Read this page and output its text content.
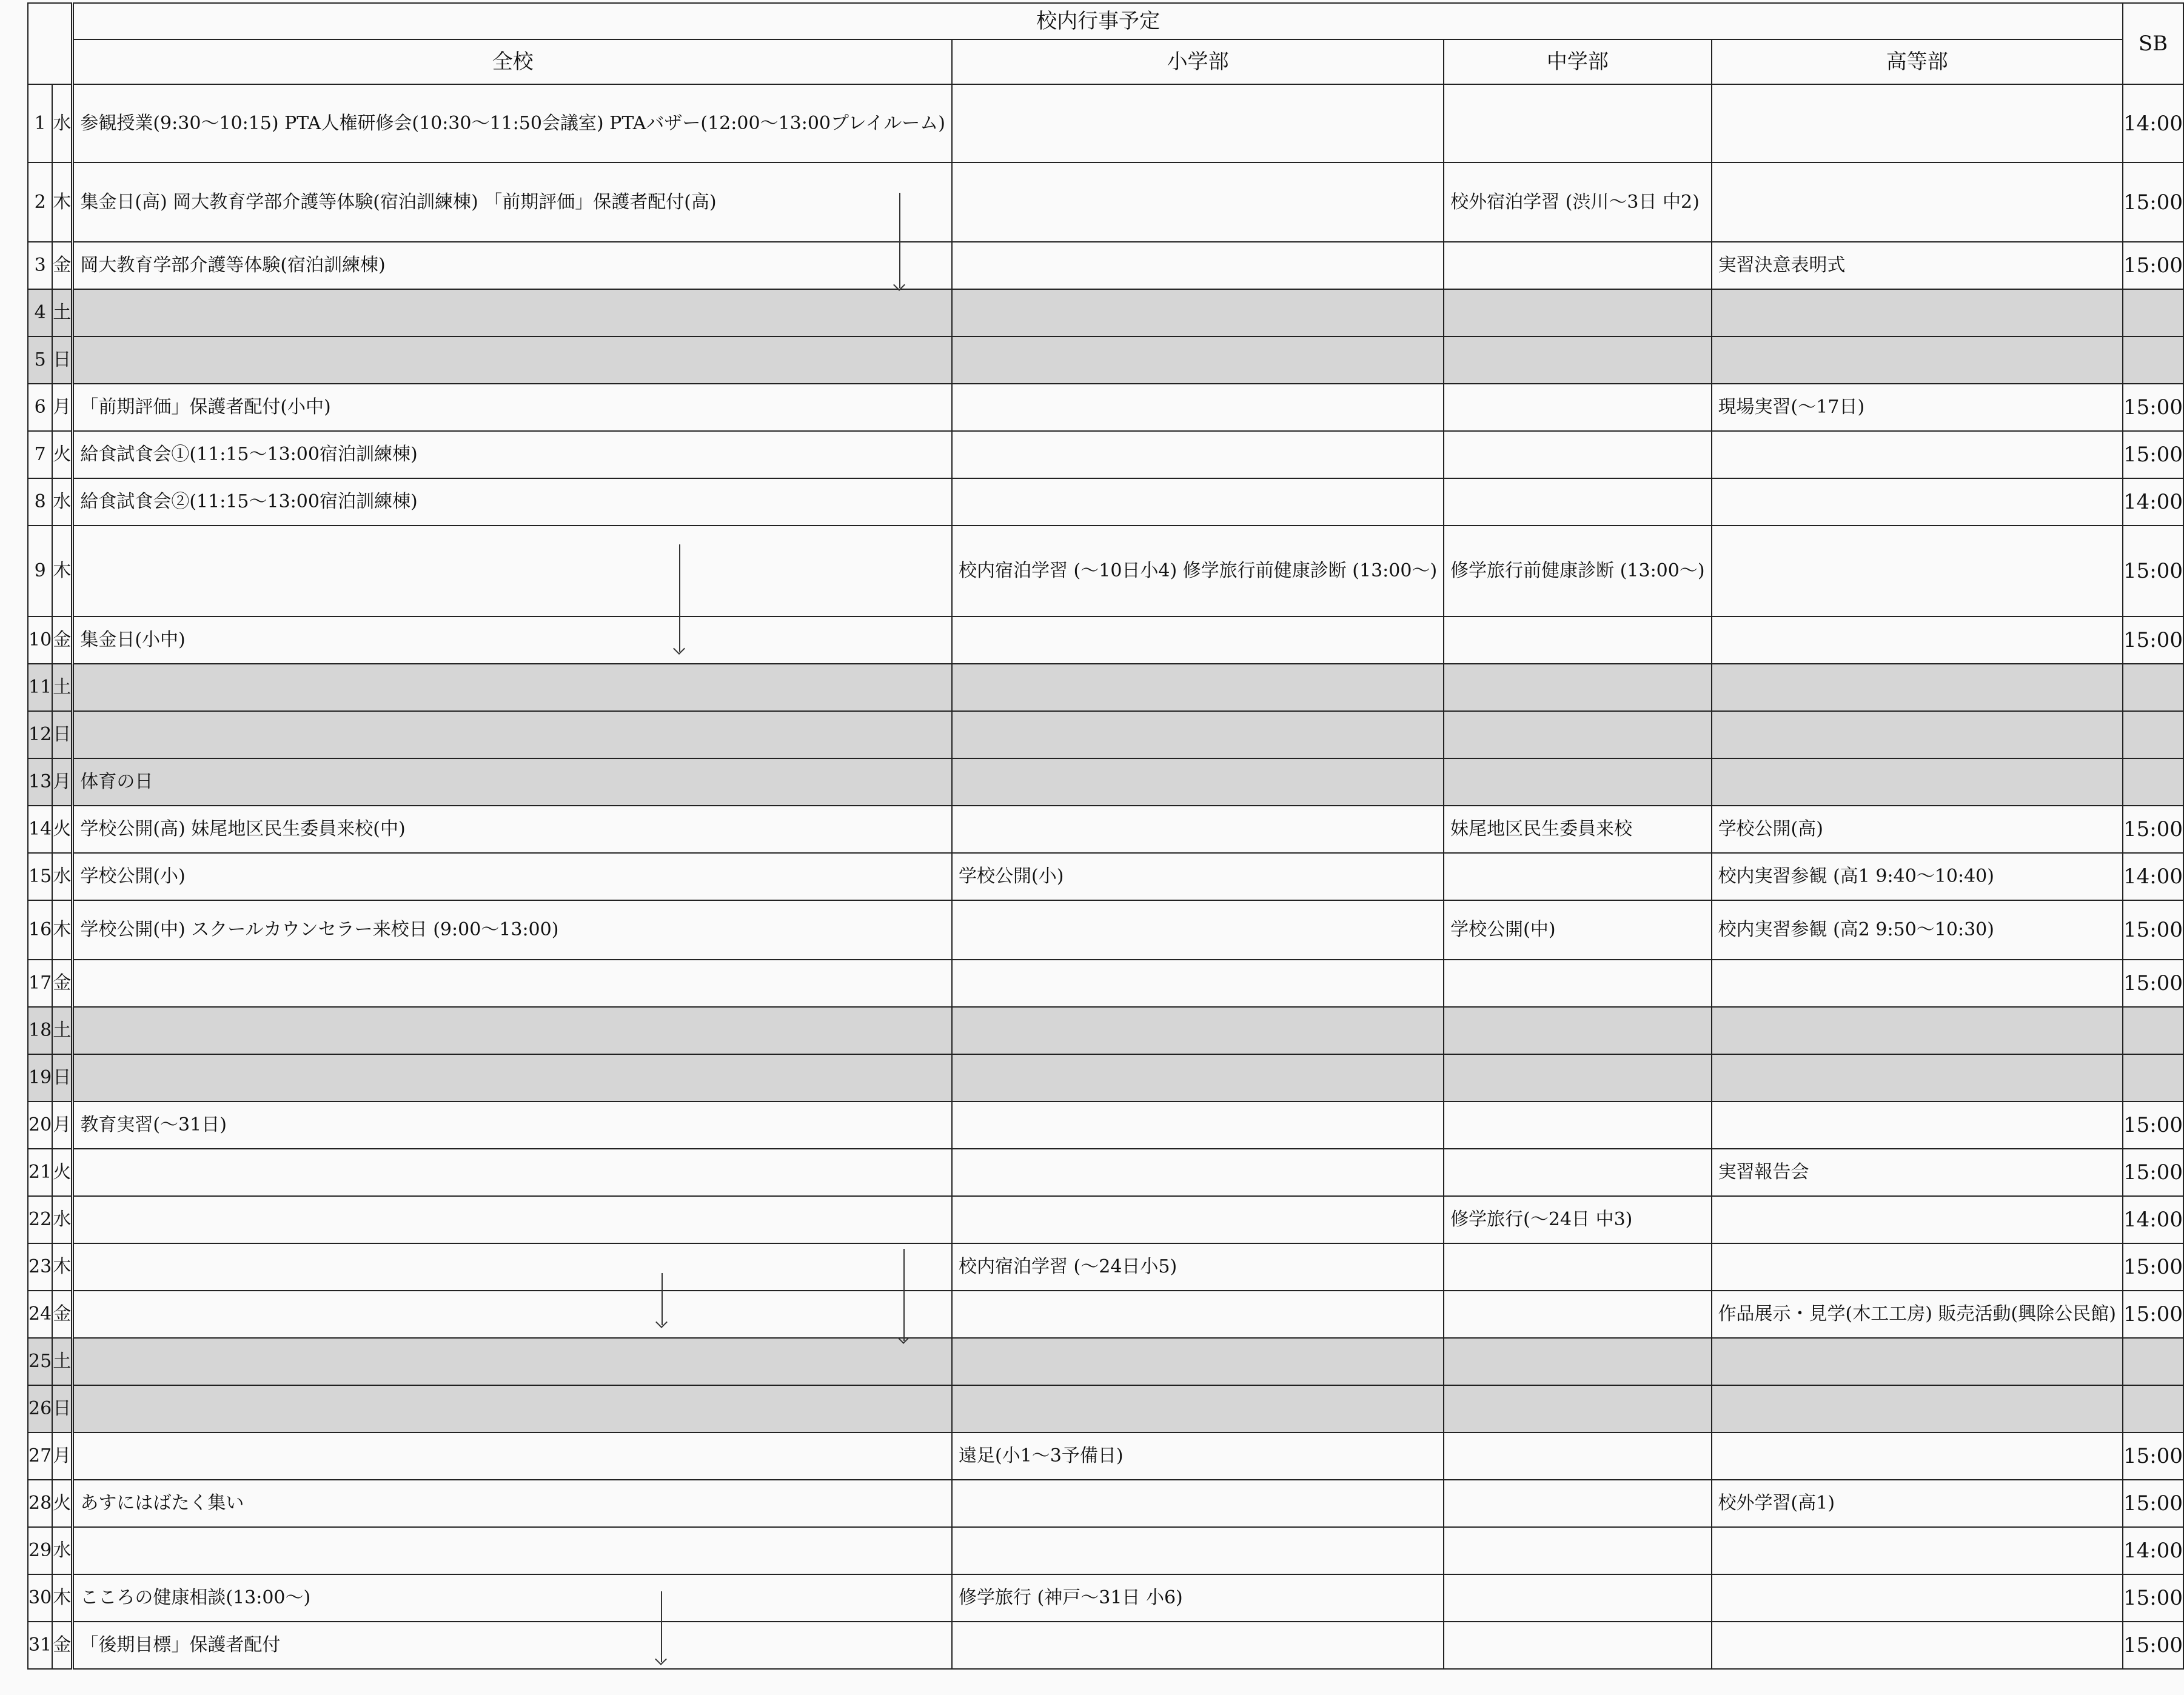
		校内行事予定				SB
		全校	小学部	中学部	高等部	
1	水	参観授業(9:30〜10:15) PTA人権研修会(10:30〜11:50会議室) PTAバザー(12:00〜13:00プレイルーム)				14:00
2	木	集金日(高) 岡大教育学部介護等体験(宿泊訓練棟) 「前期評価」保護者配付(高)		校外宿泊学習 (渋川〜3日 中2)		15:00
3	金	岡大教育学部介護等体験(宿泊訓練棟)			実習決意表明式	15:00
4	土					
5	日					
6	月	「前期評価」保護者配付(小中)			現場実習(〜17日)	15:00
7	火	給食試食会①(11:15〜13:00宿泊訓練棟)				15:00
8	水	給食試食会②(11:15〜13:00宿泊訓練棟)				14:00
9	木		校内宿泊学習 (〜10日小4) 修学旅行前健康診断 (13:00〜)	修学旅行前健康診断 (13:00〜)		15:00
10	金	集金日(小中)				15:00
11	土					
12	日					
13	月	体育の日				
14	火	学校公開(高) 妹尾地区民生委員来校(中)		妹尾地区民生委員来校	学校公開(高)	15:00
15	水	学校公開(小)	学校公開(小)		校内実習参観 (高1 9:40〜10:40)	14:00
16	木	学校公開(中) スクールカウンセラー来校日 (9:00〜13:00)		学校公開(中)	校内実習参観 (高2 9:50〜10:30)	15:00
17	金					15:00
18	土					
19	日					
20	月	教育実習(〜31日)				15:00
21	火				実習報告会	15:00
22	水			修学旅行(〜24日 中3)		14:00
23	木		校内宿泊学習 (〜24日小5)			15:00
24	金				作品展示・見学(木工工房) 販売活動(興除公民館)	15:00
25	土					
26	日					
27	月		遠足(小1〜3予備日)			15:00
28	火	あすにはばたく集い			校外学習(高1)	15:00
29	水					14:00
30	木	こころの健康相談(13:00〜)	修学旅行 (神戸〜31日 小6)			15:00
31	金	「後期目標」保護者配付				15:00
